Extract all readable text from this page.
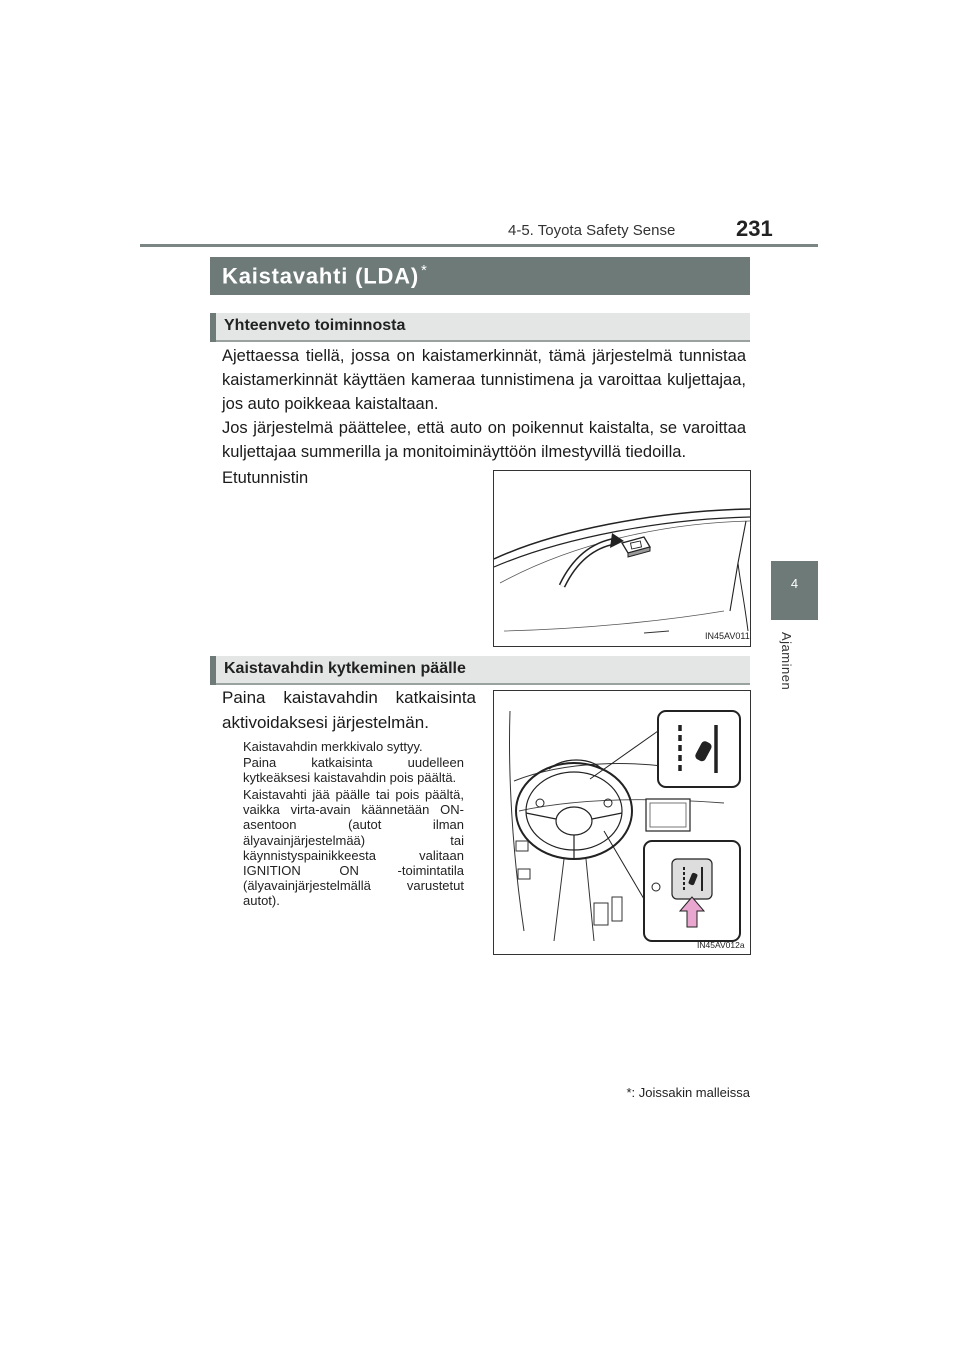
4-5. Toyota Safety Sense	231
4
Ajaminen
Kaistavahti (LDA) *
Yhteenveto toiminnosta
Ajettaessa tiellä, jossa on kaistamerkinnät, tämä järjestelmä tunnistaa kaistamerkinnät käyttäen kameraa tunnistimena ja varoittaa kuljettajaa, jos auto poikkeaa kaistaltaan.
Jos järjestelmä päättelee, että auto on poikennut kaistalta, se varoittaa kuljettajaa summerilla ja monitoiminäyttöön ilmestyvillä tiedoilla.
Etutunnistin
IN45AV011
Kaistavahdin kytkeminen päälle
Paina kaistavahdin katkaisinta aktivoidaksesi järjestelmän.
Kaistavahdin merkkivalo syttyy.
Paina katkaisinta uudelleen kytkeäksesi kaistavahdin pois päältä.
Kaistavahti jää päälle tai pois päältä, vaikka virta-avain käännetään ON-asentoon (autot ilman älyavainjärjestelmää) tai käynnistyspainikkeesta valitaan IGNITION ON -toimintatila (älyavainjärjestelmällä varustetut autot).
IN45AV012a
*: Joissakin malleissa
